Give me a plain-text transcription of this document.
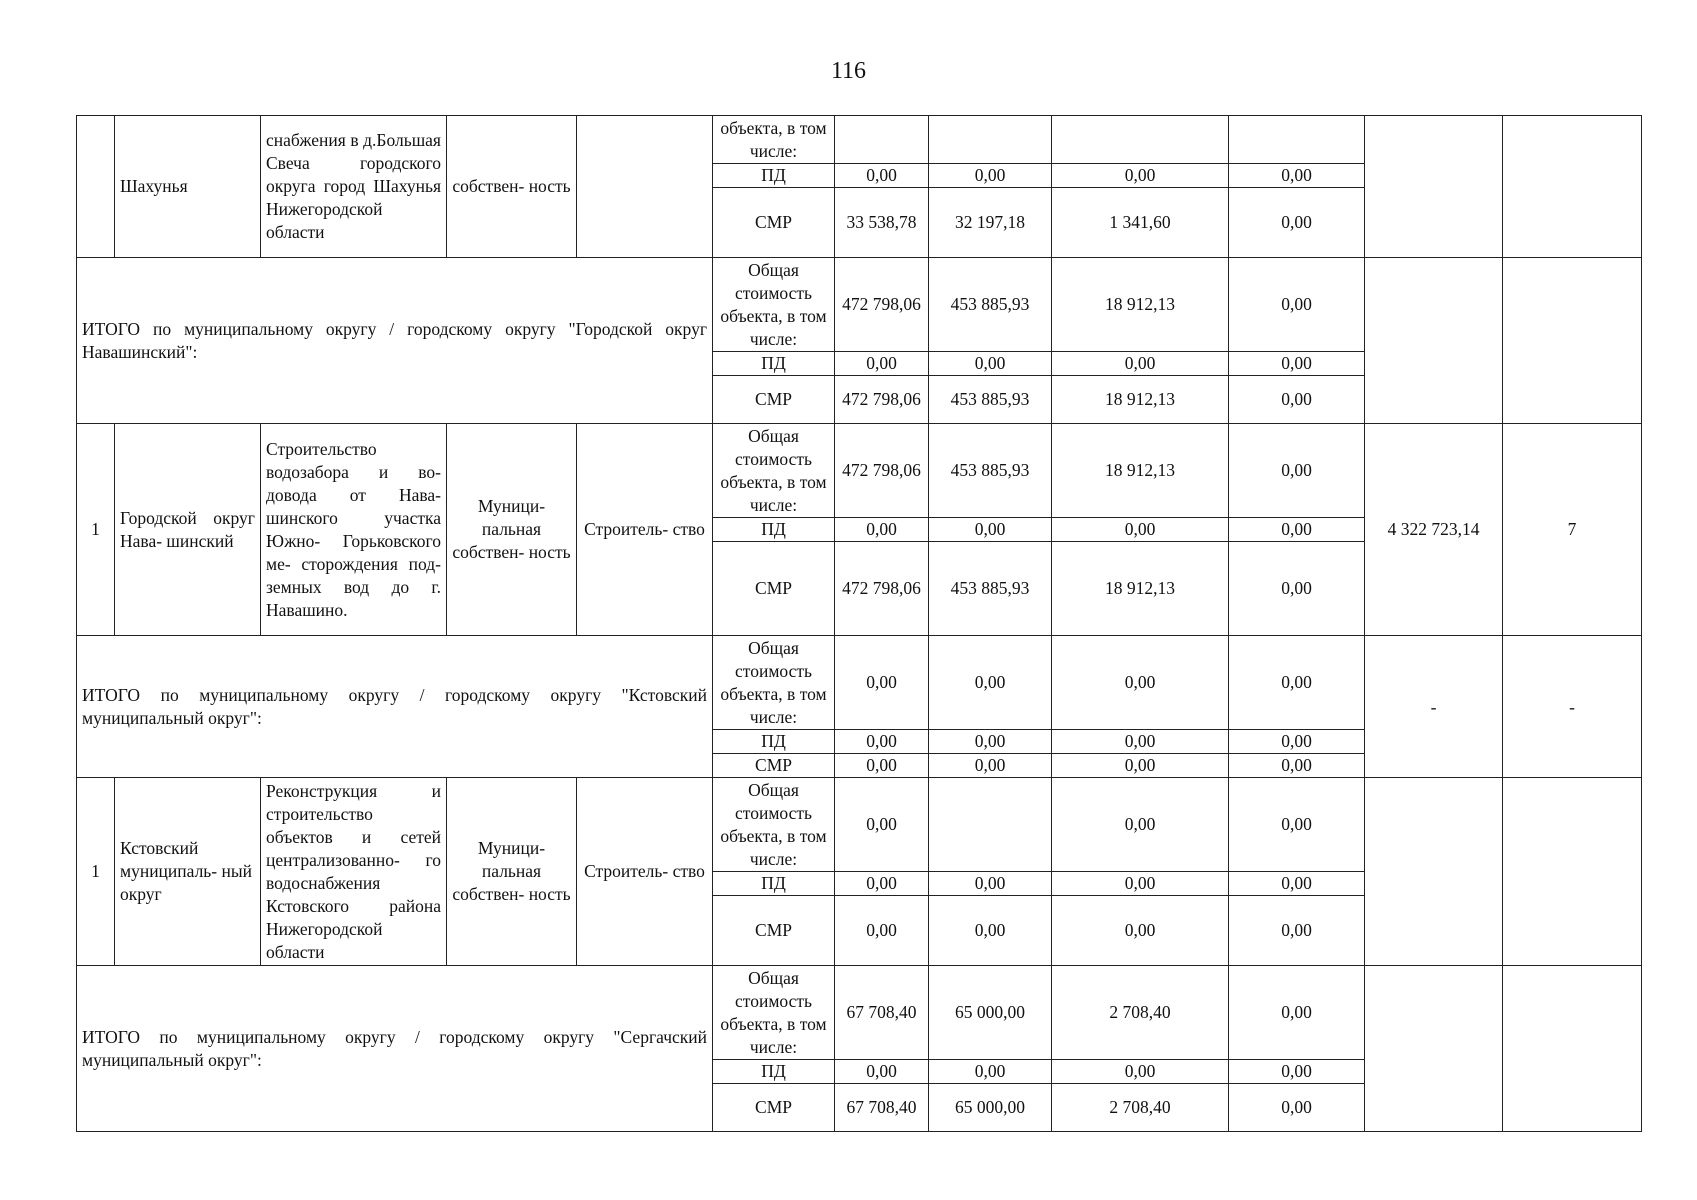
116
	Шахунья	снабжения в д.Большая Свеча городского округа город Шахунья Нижегородской области	собствен- ность		объекта, в том числе:						
					ПД	0,00	0,00	0,00	0,00		
					СМР	33 538,78	32 197,18	1 341,60	0,00		
ИТОГО по муниципальному округу / городскому округу "Городской округ Навашинский":					Общая стоимость объекта, в том числе:	472 798,06	453 885,93	18 912,13	0,00		
					ПД	0,00	0,00	0,00	0,00		
					СМР	472 798,06	453 885,93	18 912,13	0,00		
1	Городской округ Нава- шинский	Строительство водозабора и во- довода от Нава- шинского участка Южно- Горьковского ме- сторождения под- земных вод до г. Навашино.	Муници- пальная собствен- ность	Строитель- ство	Общая стоимость объекта, в том числе:	472 798,06	453 885,93	18 912,13	0,00	4 322 723,14	7
					ПД	0,00	0,00	0,00	0,00		
					СМР	472 798,06	453 885,93	18 912,13	0,00		
ИТОГО по муниципальному округу / городскому округу "Кстовский муниципальный округ":					Общая стоимость объекта, в том числе:	0,00	0,00	0,00	0,00	-	-
					ПД	0,00	0,00	0,00	0,00		
					СМР	0,00	0,00	0,00	0,00		
1	Кстовский муниципаль- ный округ	Реконструкция и строительство объектов и сетей централизованно- го водоснабжения Кстовского района Нижегородской области	Муници- пальная собствен- ность	Строитель- ство	Общая стоимость объекта, в том числе:	0,00		0,00	0,00		
					ПД	0,00	0,00	0,00	0,00		
					СМР	0,00	0,00	0,00	0,00		
ИТОГО по муниципальному округу / городскому округу "Сергачский муниципальный округ":					Общая стоимость объекта, в том числе:	67 708,40	65 000,00	2 708,40	0,00		
					ПД	0,00	0,00	0,00	0,00		
					СМР	67 708,40	65 000,00	2 708,40	0,00		
